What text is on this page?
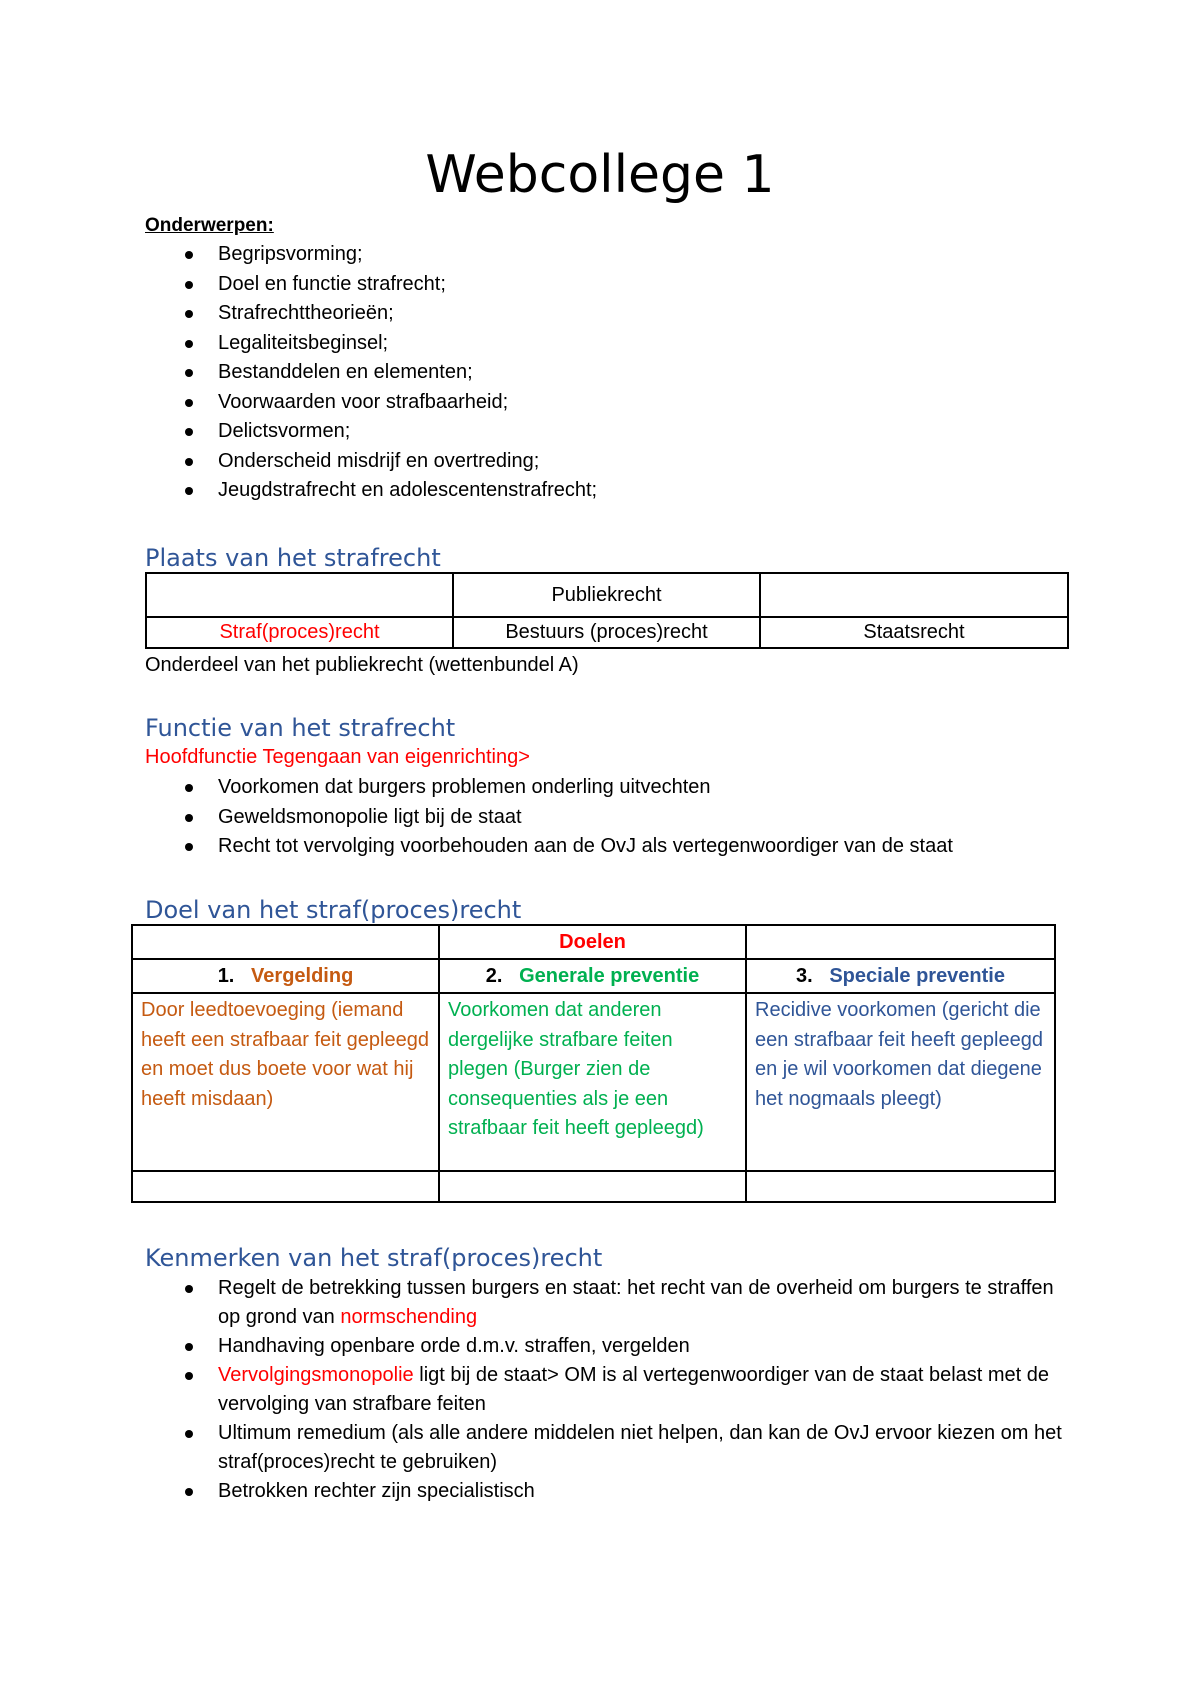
Webcollege 1
Onderwerpen:
Begripsvorming;
Doel en functie strafrecht;
Strafrechttheorieën;
Legaliteitsbeginsel;
Bestanddelen en elementen;
Voorwaarden voor strafbaarheid;
Delictsvormen;
Onderscheid misdrijf en overtreding;
Jeugdstrafrecht en adolescentenstrafrecht;
Plaats van het strafrecht
	Publiekrecht	
Straf(proces)recht	Bestuurs (proces)recht	Staatsrecht
Onderdeel van het publiekrecht (wettenbundel A)
Functie van het strafrecht
Hoofdfunctie Tegengaan van eigenrichting>
Voorkomen dat burgers problemen onderling uitvechten
Geweldsmonopolie ligt bij de staat
Recht tot vervolging voorbehouden aan de OvJ als vertegenwoordiger van de staat
Doel van het straf(proces)recht
	Doelen	
1. Vergelding	2. Generale preventie	3. Speciale preventie
Door leedtoevoeging (iemand heeft een strafbaar feit gepleegd en moet dus boete voor wat hij heeft misdaan)	Voorkomen dat anderen dergelijke strafbare feiten plegen (Burger zien de consequenties als je een strafbaar feit heeft gepleegd)	Recidive voorkomen (gericht die een strafbaar feit heeft gepleegd en je wil voorkomen dat diegene het nogmaals pleegt)

Kenmerken van het straf(proces)recht
Regelt de betrekking tussen burgers en staat: het recht van de overheid om burgers te straffen op grond van normschending
Handhaving openbare orde d.m.v. straffen, vergelden
Vervolgingsmonopolie ligt bij de staat> OM is al vertegenwoordiger van de staat belast met de vervolging van strafbare feiten
Ultimum remedium (als alle andere middelen niet helpen, dan kan de OvJ ervoor kiezen om het straf(proces)recht te gebruiken)
Betrokken rechter zijn specialistisch
